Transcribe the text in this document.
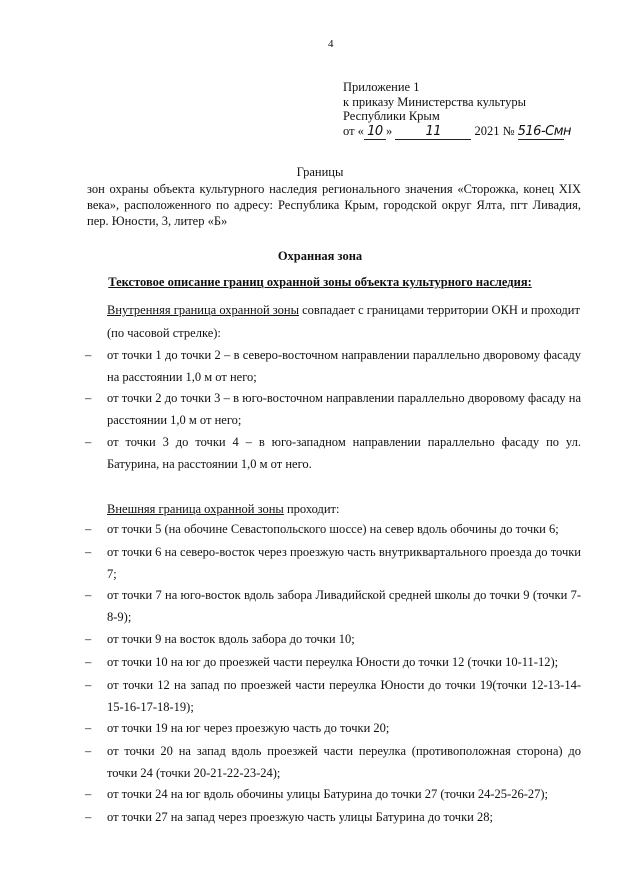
4
Приложение 1
к приказу Министерства культуры
Республики Крым
от « 10 »	11	2021 № 516-Смн
Границы
зон охраны объекта культурного наследия регионального значения «Сторожка, конец XIX века», расположенного по адресу: Республика Крым, городской округ Ялта, пгт Ливадия, пер. Юности, 3, литер «Б»
Охранная зона
Текстовое описание границ охранной зоны объекта культурного наследия:
Внутренняя граница охранной зоны совпадает с границами территории ОКН и проходит (по часовой стрелке):
– от точки 1 до точки 2 – в северо-восточном направлении параллельно дворовому фасаду на расстоянии 1,0 м от него;
– от точки 2 до точки 3 – в юго-восточном направлении параллельно дворовому фасаду на расстоянии 1,0 м от него;
– от точки 3 до точки 4 – в юго-западном направлении параллельно фасаду по ул. Батурина, на расстоянии 1,0 м от него.
Внешняя граница охранной зоны проходит:
– от точки 5 (на обочине Севастопольского шоссе) на север вдоль обочины до точки 6;
– от точки 6 на северо-восток через проезжую часть внутриквартального проезда до точки 7;
– от точки 7 на юго-восток вдоль забора Ливадийской средней школы до точки 9 (точки 7-8-9);
– от точки 9 на восток вдоль забора до точки 10;
– от точки 10 на юг до проезжей части переулка Юности до точки 12 (точки 10-11-12);
– от точки 12 на запад по проезжей части переулка Юности до точки 19(точки 12-13-14-15-16-17-18-19);
– от точки 19 на юг через проезжую часть до точки 20;
– от точки 20 на запад вдоль проезжей части переулка (противоположная сторона) до точки 24 (точки 20-21-22-23-24);
– от точки 24 на юг вдоль обочины улицы Батурина до точки 27 (точки 24-25-26-27);
– от точки 27 на запад через проезжую часть улицы Батурина до точки 28;
